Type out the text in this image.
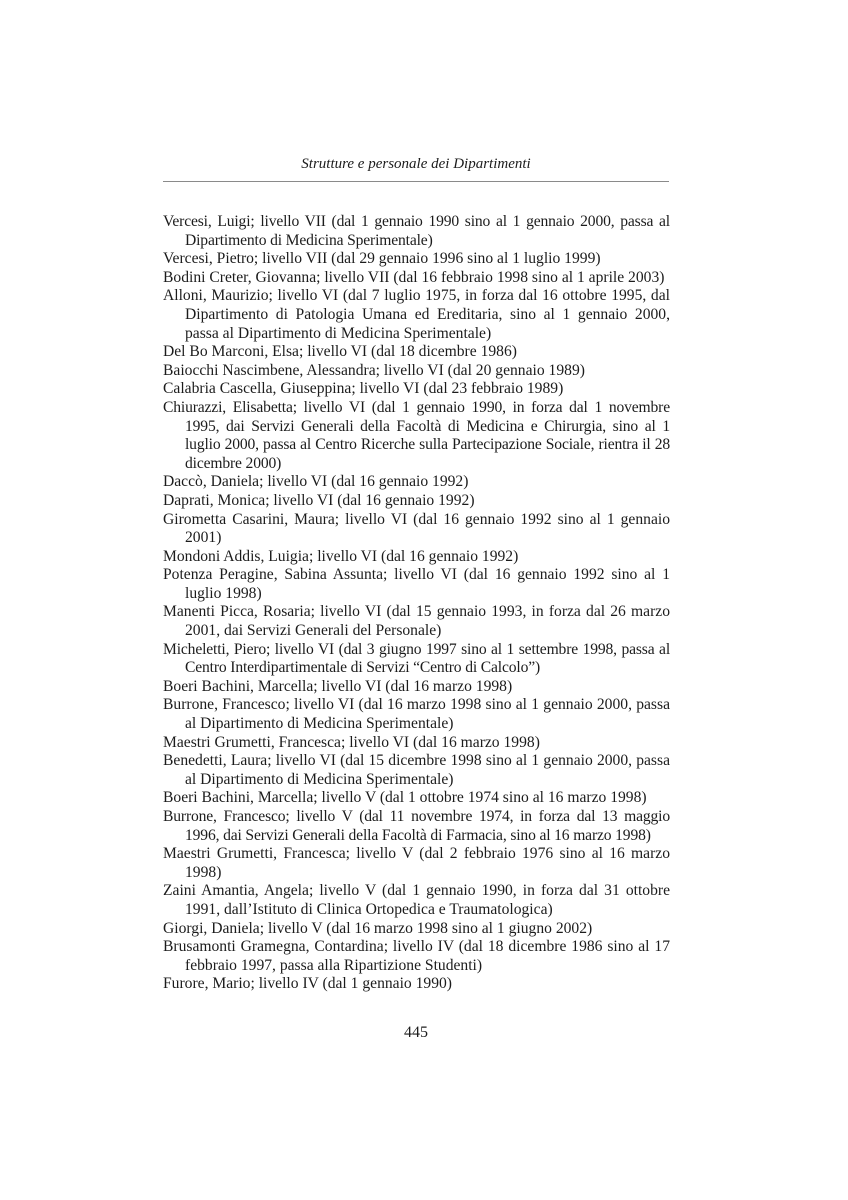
Strutture e personale dei Dipartimenti
Vercesi, Luigi; livello VII (dal 1 gennaio 1990 sino al 1 gennaio 2000, passa al Dipartimento di Medicina Sperimentale)
Vercesi, Pietro; livello VII (dal 29 gennaio 1996 sino al 1 luglio 1999)
Bodini Creter, Giovanna; livello VII (dal 16 febbraio 1998 sino al 1 aprile 2003)
Alloni, Maurizio; livello VI (dal 7 luglio 1975, in forza dal 16 ottobre 1995, dal Dipartimento di Patologia Umana ed Ereditaria, sino al 1 gennaio 2000, passa al Dipartimento di Medicina Sperimentale)
Del Bo Marconi, Elsa; livello VI (dal 18 dicembre 1986)
Baiocchi Nascimbene, Alessandra; livello VI (dal 20 gennaio 1989)
Calabria Cascella, Giuseppina; livello VI (dal 23 febbraio 1989)
Chiurazzi, Elisabetta; livello VI (dal 1 gennaio 1990, in forza dal 1 novembre 1995, dai Servizi Generali della Facoltà di Medicina e Chirurgia, sino al 1 luglio 2000, passa al Centro Ricerche sulla Partecipazione Sociale, rientra il 28 dicembre 2000)
Daccò, Daniela; livello VI (dal 16 gennaio 1992)
Daprati, Monica; livello VI (dal 16 gennaio 1992)
Girometta Casarini, Maura; livello VI (dal 16 gennaio 1992 sino al 1 gennaio 2001)
Mondoni Addis, Luigia; livello VI (dal 16 gennaio 1992)
Potenza Peragine, Sabina Assunta; livello VI (dal 16 gennaio 1992 sino al 1 luglio 1998)
Manenti Picca, Rosaria; livello VI (dal 15 gennaio 1993, in forza dal 26 marzo 2001, dai Servizi Generali del Personale)
Micheletti, Piero; livello VI (dal 3 giugno 1997 sino al 1 settembre 1998, passa al Centro Interdipartimentale di Servizi “Centro di Calcolo”)
Boeri Bachini, Marcella; livello VI (dal 16 marzo 1998)
Burrone, Francesco; livello VI (dal 16 marzo 1998 sino al 1 gennaio 2000, passa al Dipartimento di Medicina Sperimentale)
Maestri Grumetti, Francesca; livello VI (dal 16 marzo 1998)
Benedetti, Laura; livello VI (dal 15 dicembre 1998 sino al 1 gennaio 2000, passa al Dipartimento di Medicina Sperimentale)
Boeri Bachini, Marcella; livello V (dal 1 ottobre 1974 sino al 16 marzo 1998)
Burrone, Francesco; livello V (dal 11 novembre 1974, in forza dal 13 maggio 1996, dai Servizi Generali della Facoltà di Farmacia, sino al 16 marzo 1998)
Maestri Grumetti, Francesca; livello V (dal 2 febbraio 1976 sino al 16 marzo 1998)
Zaini Amantia, Angela; livello V (dal 1 gennaio 1990, in forza dal 31 ottobre 1991, dall’Istituto di Clinica Ortopedica e Traumatologica)
Giorgi, Daniela; livello V (dal 16 marzo 1998 sino al 1 giugno 2002)
Brusamonti Gramegna, Contardina; livello IV (dal 18 dicembre 1986 sino al 17 febbraio 1997, passa alla Ripartizione Studenti)
Furore, Mario; livello IV (dal 1 gennaio 1990)
445
